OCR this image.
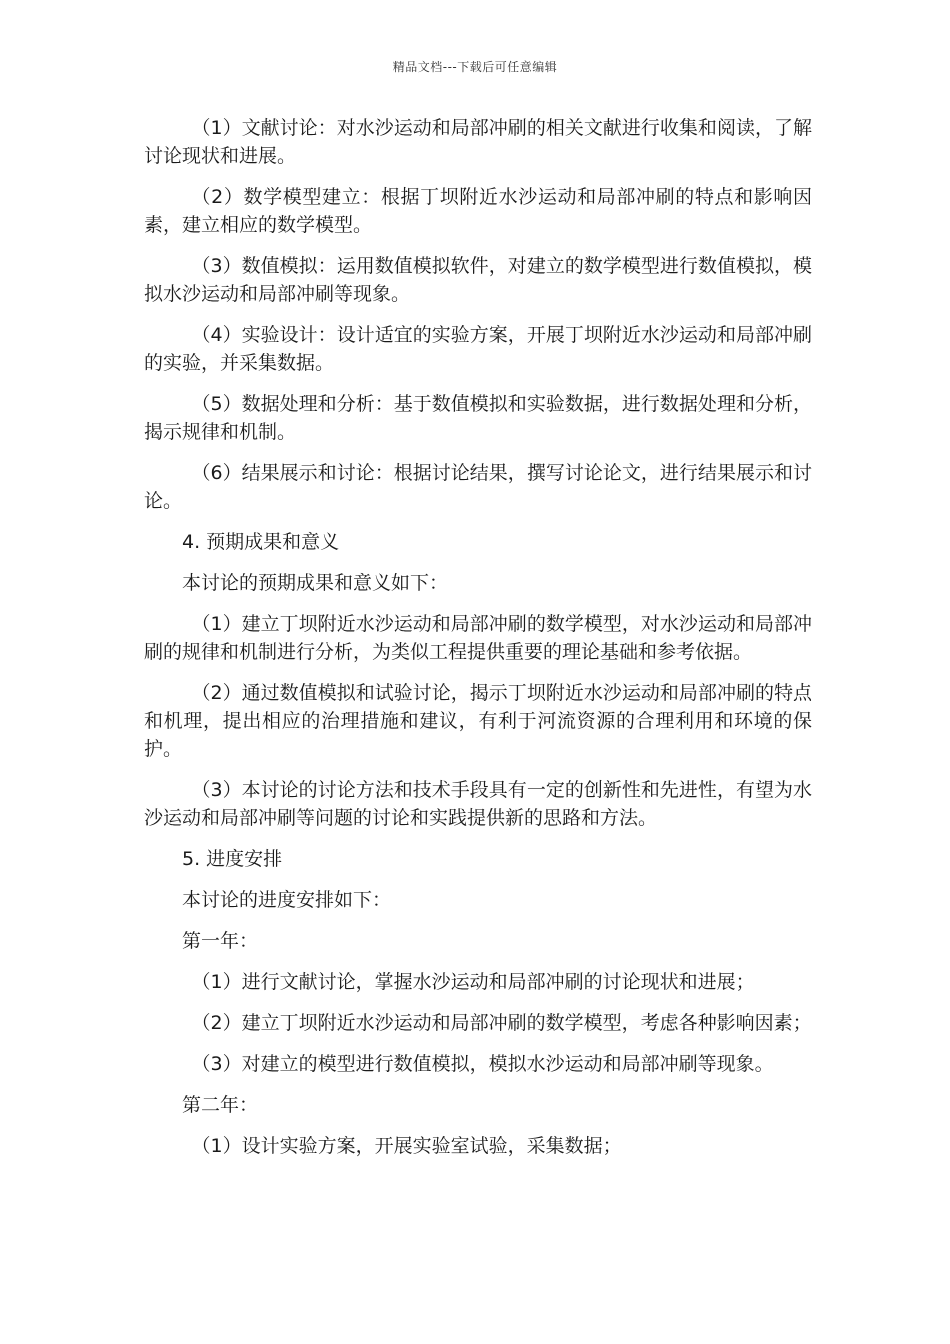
精品文档---下载后可任意编辑

（1）文献讨论：对水沙运动和局部冲刷的相关文献进行收集和阅读，了解讨论现状和进展。

（2）数学模型建立：根据丁坝附近水沙运动和局部冲刷的特点和影响因素，建立相应的数学模型。

（3）数值模拟：运用数值模拟软件，对建立的数学模型进行数值模拟，模拟水沙运动和局部冲刷等现象。

（4）实验设计：设计适宜的实验方案，开展丁坝附近水沙运动和局部冲刷的实验，并采集数据。

（5）数据处理和分析：基于数值模拟和实验数据，进行数据处理和分析，揭示规律和机制。

（6）结果展示和讨论：根据讨论结果，撰写讨论论文，进行结果展示和讨论。

4. 预期成果和意义

本讨论的预期成果和意义如下：

（1）建立丁坝附近水沙运动和局部冲刷的数学模型，对水沙运动和局部冲刷的规律和机制进行分析，为类似工程提供重要的理论基础和参考依据。

（2）通过数值模拟和试验讨论，揭示丁坝附近水沙运动和局部冲刷的特点和机理，提出相应的治理措施和建议，有利于河流资源的合理利用和环境的保护。

（3）本讨论的讨论方法和技术手段具有一定的创新性和先进性，有望为水沙运动和局部冲刷等问题的讨论和实践提供新的思路和方法。

5. 进度安排

本讨论的进度安排如下：

第一年：

（1）进行文献讨论，掌握水沙运动和局部冲刷的讨论现状和进展；

（2）建立丁坝附近水沙运动和局部冲刷的数学模型，考虑各种影响因素；

（3）对建立的模型进行数值模拟，模拟水沙运动和局部冲刷等现象。

第二年：

（1）设计实验方案，开展实验室试验，采集数据；
